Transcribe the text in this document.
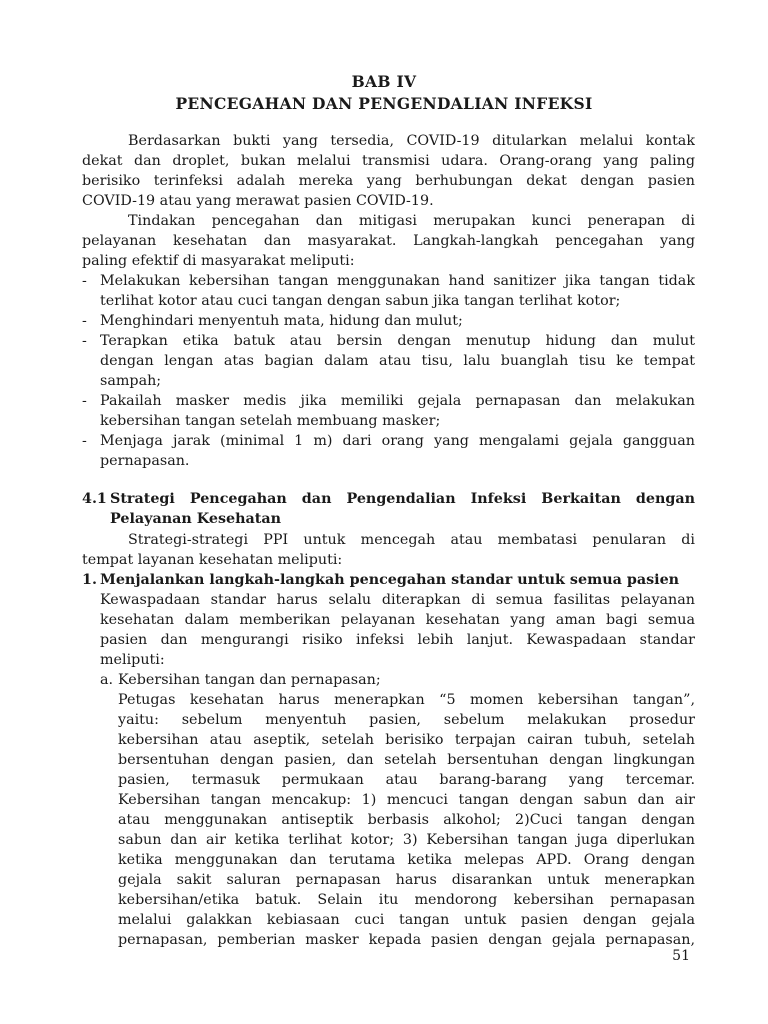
BAB IV
PENCEGAHAN DAN PENGENDALIAN INFEKSI
Berdasarkan bukti yang tersedia, COVID-19 ditularkan melalui kontak
dekat dan droplet, bukan melalui transmisi udara. Orang-orang yang paling
berisiko terinfeksi adalah mereka yang berhubungan dekat dengan pasien
COVID-19 atau yang merawat pasien COVID-19.
Tindakan pencegahan dan mitigasi merupakan kunci penerapan di
pelayanan kesehatan dan masyarakat. Langkah-langkah pencegahan yang
paling efektif di masyarakat meliputi:
- Melakukan kebersihan tangan menggunakan hand sanitizer jika tangan tidak
terlihat kotor atau cuci tangan dengan sabun jika tangan terlihat kotor;
- Menghindari menyentuh mata, hidung dan mulut;
- Terapkan etika batuk atau bersin dengan menutup hidung dan mulut
dengan lengan atas bagian dalam atau tisu, lalu buanglah tisu ke tempat
sampah;
- Pakailah masker medis jika memiliki gejala pernapasan dan melakukan
kebersihan tangan setelah membuang masker;
- Menjaga jarak (minimal 1 m) dari orang yang mengalami gejala gangguan
pernapasan.
4.1 Strategi Pencegahan dan Pengendalian Infeksi Berkaitan dengan
Pelayanan Kesehatan
Strategi-strategi PPI untuk mencegah atau membatasi penularan di
tempat layanan kesehatan meliputi:
1. Menjalankan langkah-langkah pencegahan standar untuk semua pasien
Kewaspadaan standar harus selalu diterapkan di semua fasilitas pelayanan
kesehatan dalam memberikan pelayanan kesehatan yang aman bagi semua
pasien dan mengurangi risiko infeksi lebih lanjut. Kewaspadaan standar
meliputi:
a. Kebersihan tangan dan pernapasan;
Petugas kesehatan harus menerapkan “5 momen kebersihan tangan”,
yaitu: sebelum menyentuh pasien, sebelum melakukan prosedur
kebersihan atau aseptik, setelah berisiko terpajan cairan tubuh, setelah
bersentuhan dengan pasien, dan setelah bersentuhan dengan lingkungan
pasien, termasuk permukaan atau barang-barang yang tercemar.
Kebersihan tangan mencakup: 1) mencuci tangan dengan sabun dan air
atau menggunakan antiseptik berbasis alkohol; 2)Cuci tangan dengan
sabun dan air ketika terlihat kotor; 3) Kebersihan tangan juga diperlukan
ketika menggunakan dan terutama ketika melepas APD. Orang dengan
gejala sakit saluran pernapasan harus disarankan untuk menerapkan
kebersihan/etika batuk. Selain itu mendorong kebersihan pernapasan
melalui galakkan kebiasaan cuci tangan untuk pasien dengan gejala
pernapasan, pemberian masker kepada pasien dengan gejala pernapasan,
51
